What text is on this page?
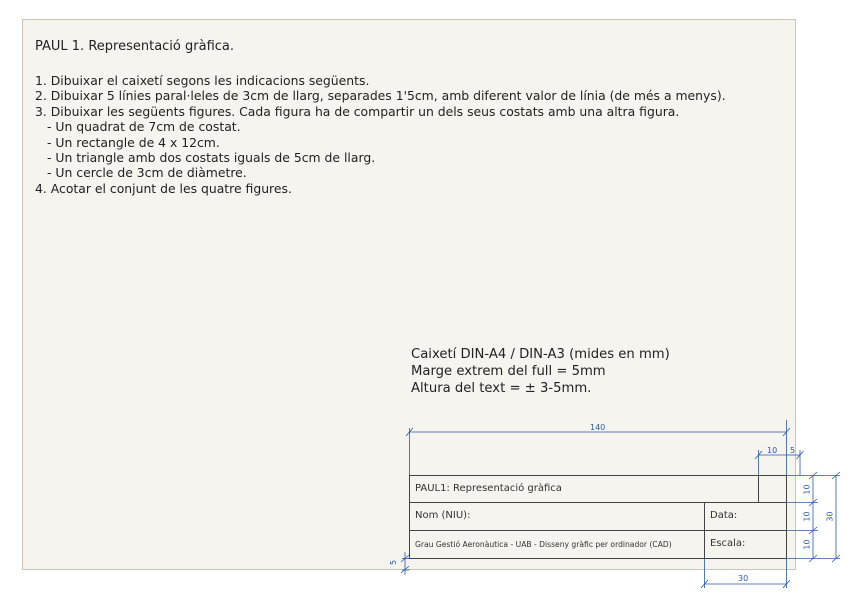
PAUL 1. Representació gràfica.
1. Dibuixar el caixetí segons les indicacions següents.
2. Dibuixar 5 línies paral·leles de 3cm de llarg, separades 1'5cm, amb diferent valor de línia (de més a menys).
3. Dibuixar les següents figures. Cada figura ha de compartir un dels seus costats amb una altra figura.
- Un quadrat de 7cm de costat.
- Un rectangle de 4 x 12cm.
- Un triangle amb dos costats iguals de 5cm de llarg.
- Un cercle de 3cm de diàmetre.
4. Acotar el conjunt de les quatre figures.
Caixetí DIN-A4 / DIN-A3 (mides en mm)
Marge extrem del full = 5mm
Altura del text = ± 3-5mm.
PAUL1: Representació gràfica
Nom (NIU):	Data:
Grau Gestió Aeronàutica - UAB - Disseny gràfic per ordinador (CAD)	Escala:
140
10 5
10
10
10
30
30
5
